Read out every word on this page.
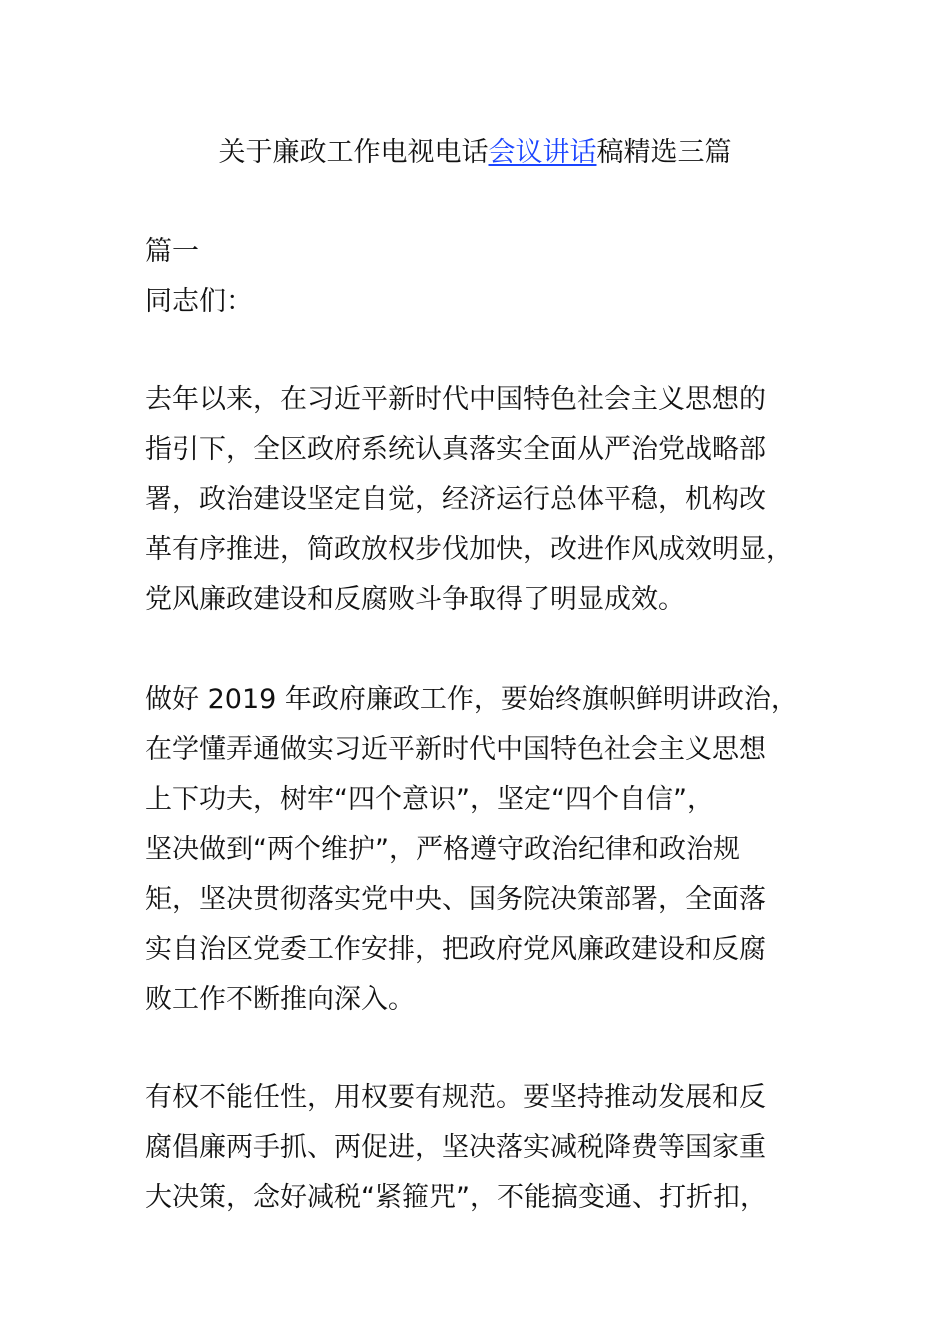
关于廉政工作电视电话会议讲话稿精选三篇
篇一
同志们：
去年以来，在习近平新时代中国特色社会主义思想的
指引下，全区政府系统认真落实全面从严治党战略部
署，政治建设坚定自觉，经济运行总体平稳，机构改
革有序推进，简政放权步伐加快，改进作风成效明显，
党风廉政建设和反腐败斗争取得了明显成效。
做好 2019 年政府廉政工作，要始终旗帜鲜明讲政治，
在学懂弄通做实习近平新时代中国特色社会主义思想
上下功夫，树牢“四个意识”，坚定“四个自信”，
坚决做到“两个维护”，严格遵守政治纪律和政治规
矩，坚决贯彻落实党中央、国务院决策部署，全面落
实自治区党委工作安排，把政府党风廉政建设和反腐
败工作不断推向深入。
有权不能任性，用权要有规范。要坚持推动发展和反
腐倡廉两手抓、两促进，坚决落实减税降费等国家重
大决策，念好减税“紧箍咒”，不能搞变通、打折扣，
